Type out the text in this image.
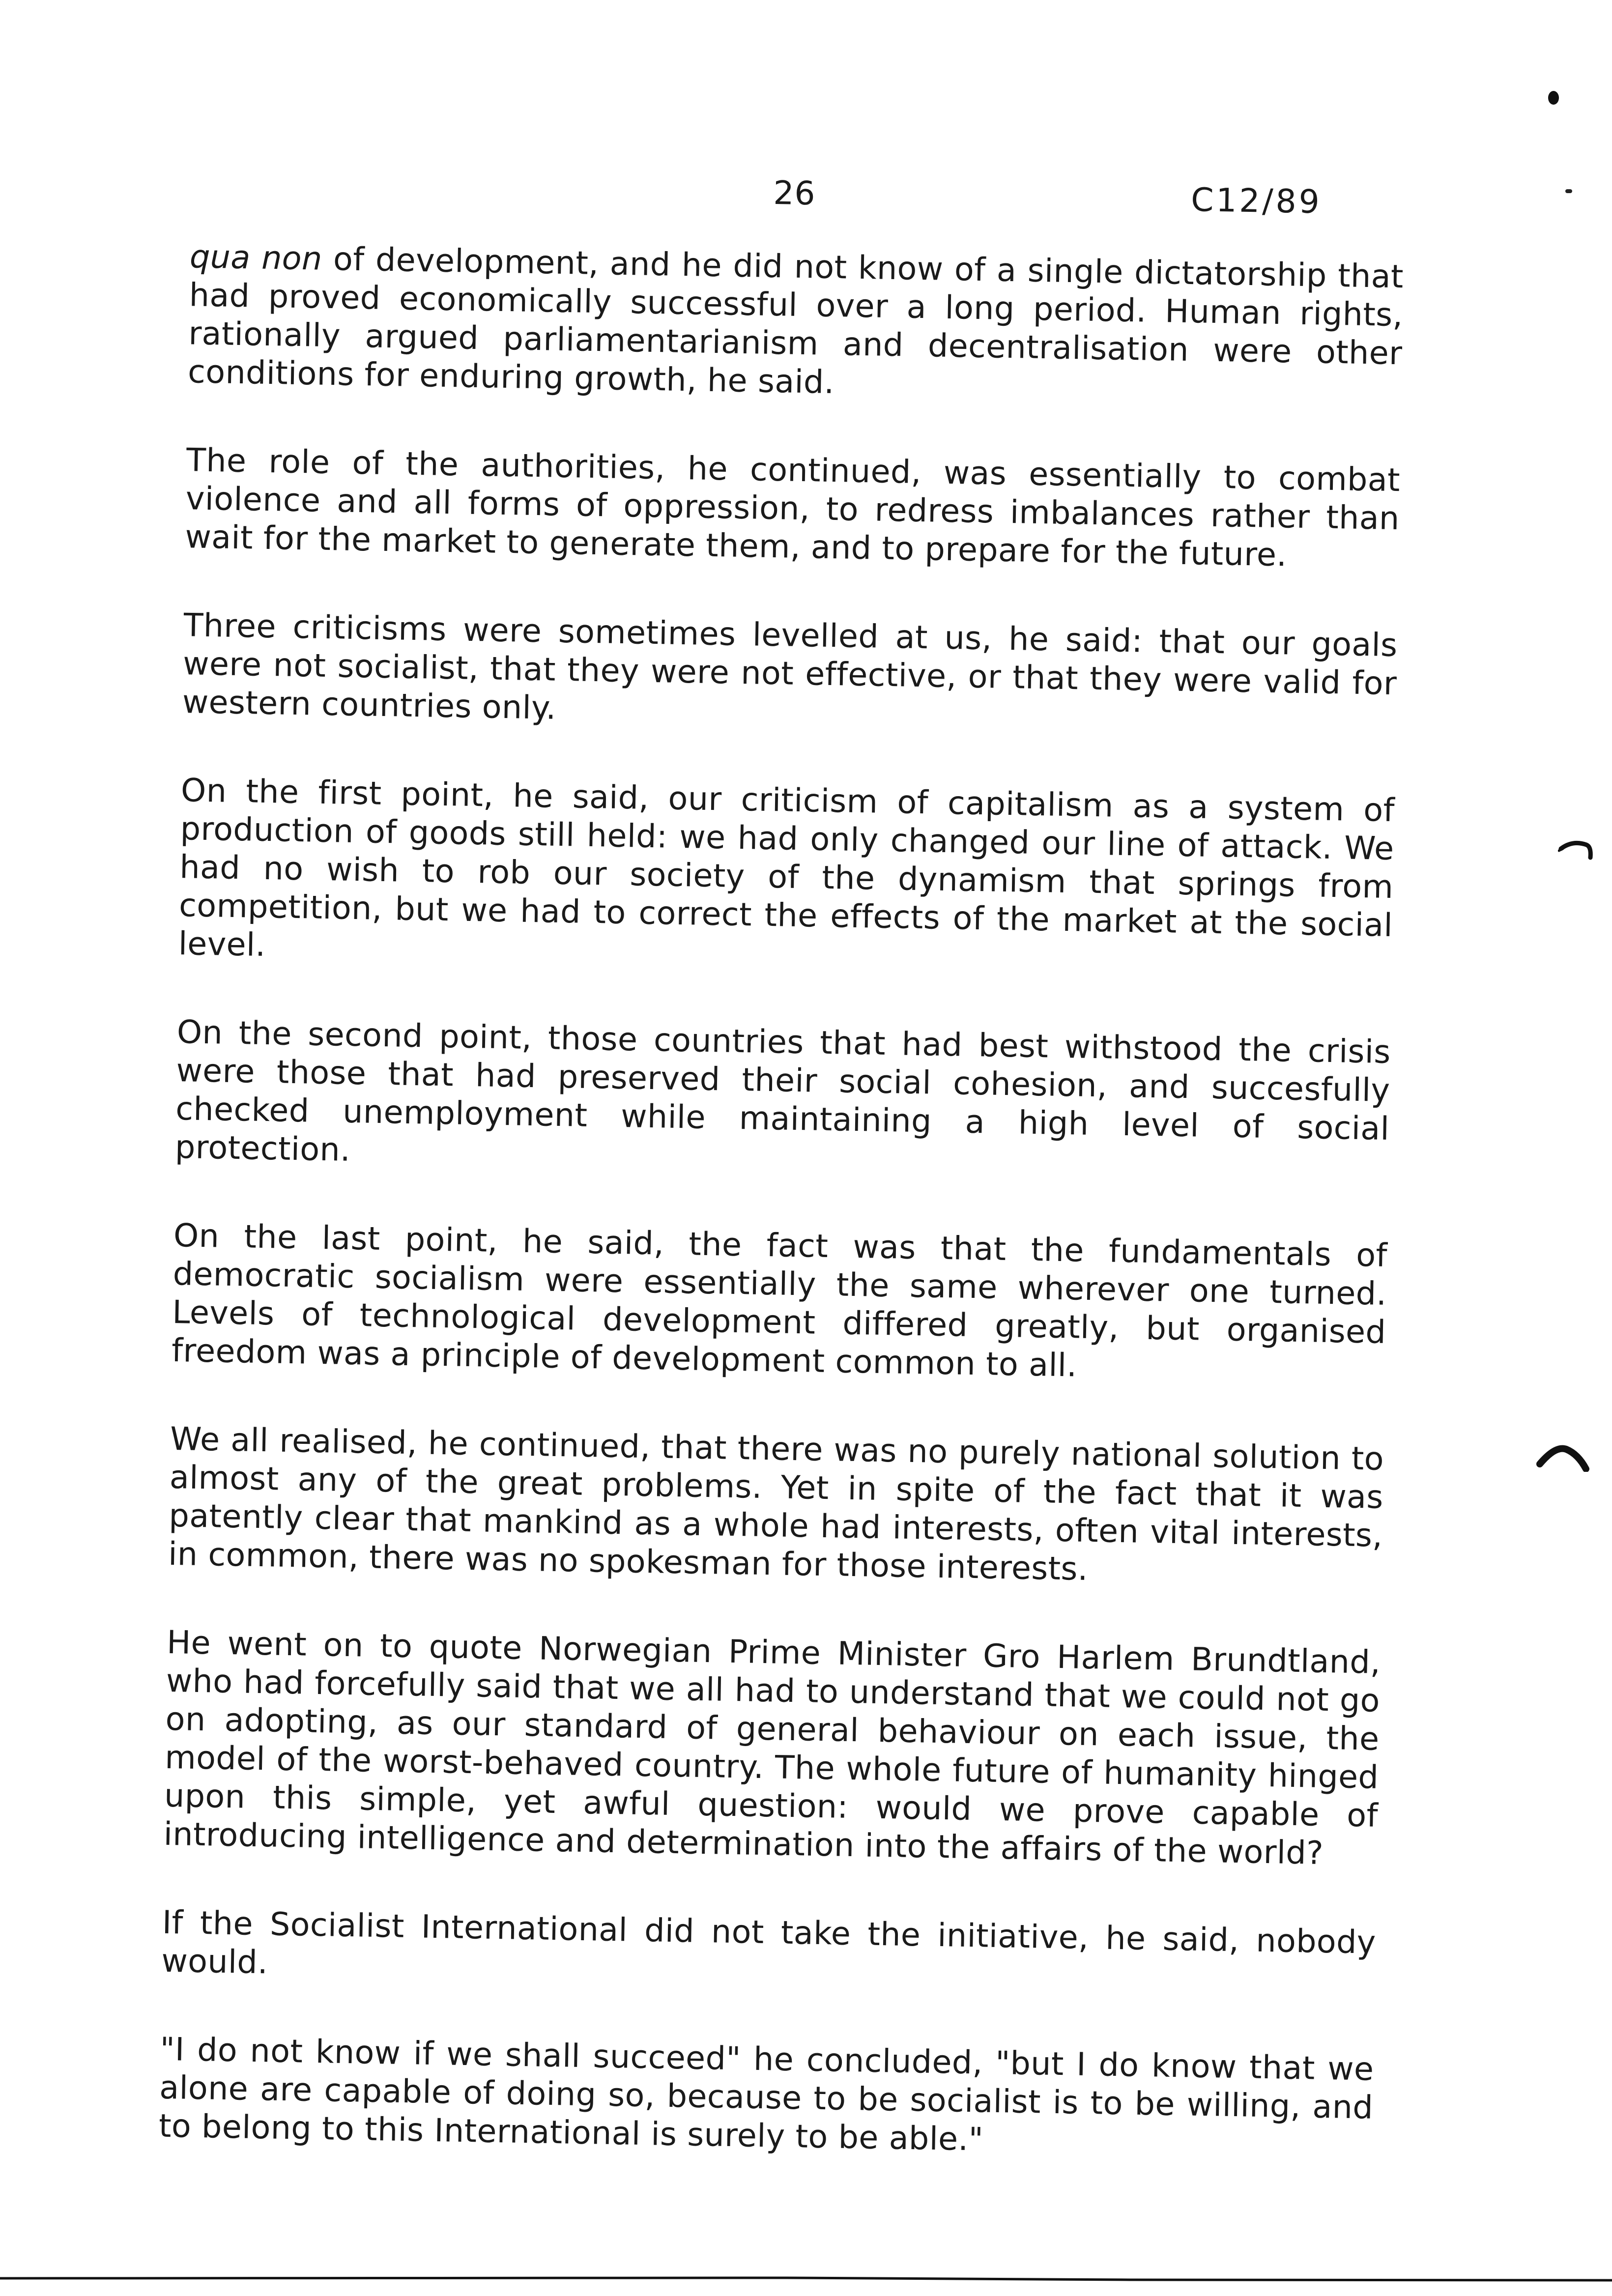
26	C12/89

qua non of development, and he did not know of a single dictatorship that had proved economically successful over a long period. Human rights, rationally argued parliamentarianism and decentralisation were other conditions for enduring growth, he said.

The role of the authorities, he continued, was essentially to combat violence and all forms of oppression, to redress imbalances rather than wait for the market to generate them, and to prepare for the future.

Three criticisms were sometimes levelled at us, he said: that our goals were not socialist, that they were not effective, or that they were valid for western countries only.

On the first point, he said, our criticism of capitalism as a system of production of goods still held: we had only changed our line of attack. We had no wish to rob our society of the dynamism that springs from competition, but we had to correct the effects of the market at the social level.

On the second point, those countries that had best withstood the crisis were those that had preserved their social cohesion, and succesfully checked unemployment while maintaining a high level of social protection.

On the last point, he said, the fact was that the fundamentals of democratic socialism were essentially the same wherever one turned. Levels of technological development differed greatly, but organised freedom was a principle of development common to all.

We all realised, he continued, that there was no purely national solution to almost any of the great problems. Yet in spite of the fact that it was patently clear that mankind as a whole had interests, often vital interests, in common, there was no spokesman for those interests.

He went on to quote Norwegian Prime Minister Gro Harlem Brundtland, who had forcefully said that we all had to understand that we could not go on adopting, as our standard of general behaviour on each issue, the model of the worst-behaved country. The whole future of humanity hinged upon this simple, yet awful question: would we prove capable of introducing intelligence and determination into the affairs of the world?

If the Socialist International did not take the initiative, he said, nobody would.

"I do not know if we shall succeed" he concluded, "but I do know that we alone are capable of doing so, because to be socialist is to be willing, and to belong to this International is surely to be able."
